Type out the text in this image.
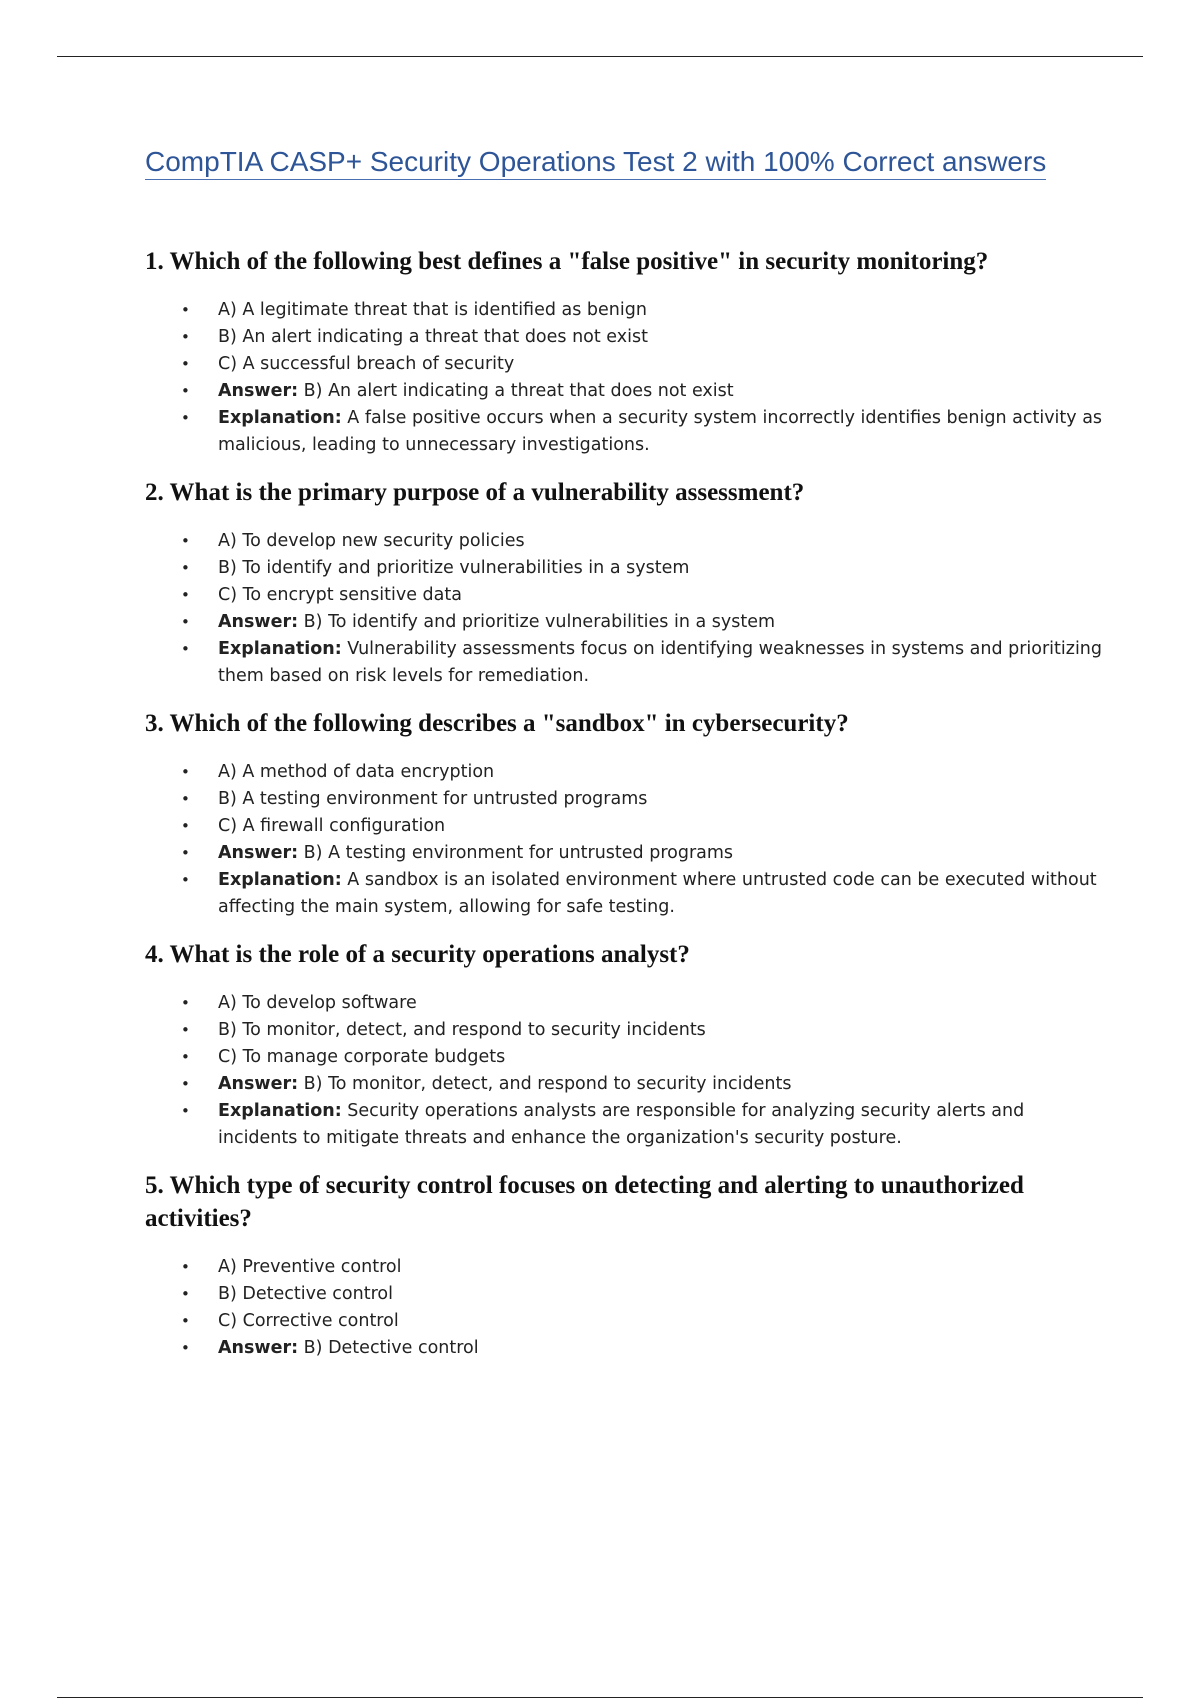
CompTIA CASP+ Security Operations Test 2 with 100% Correct answers
1. Which of the following best defines a "false positive" in security monitoring?
• A) A legitimate threat that is identified as benign
• B) An alert indicating a threat that does not exist
• C) A successful breach of security
• Answer: B) An alert indicating a threat that does not exist
• Explanation: A false positive occurs when a security system incorrectly identifies benign activity as malicious, leading to unnecessary investigations.
2. What is the primary purpose of a vulnerability assessment?
• A) To develop new security policies
• B) To identify and prioritize vulnerabilities in a system
• C) To encrypt sensitive data
• Answer: B) To identify and prioritize vulnerabilities in a system
• Explanation: Vulnerability assessments focus on identifying weaknesses in systems and prioritizing them based on risk levels for remediation.
3. Which of the following describes a "sandbox" in cybersecurity?
• A) A method of data encryption
• B) A testing environment for untrusted programs
• C) A firewall configuration
• Answer: B) A testing environment for untrusted programs
• Explanation: A sandbox is an isolated environment where untrusted code can be executed without affecting the main system, allowing for safe testing.
4. What is the role of a security operations analyst?
• A) To develop software
• B) To monitor, detect, and respond to security incidents
• C) To manage corporate budgets
• Answer: B) To monitor, detect, and respond to security incidents
• Explanation: Security operations analysts are responsible for analyzing security alerts and incidents to mitigate threats and enhance the organization's security posture.
5. Which type of security control focuses on detecting and alerting to unauthorized activities?
• A) Preventive control
• B) Detective control
• C) Corrective control
• Answer: B) Detective control
